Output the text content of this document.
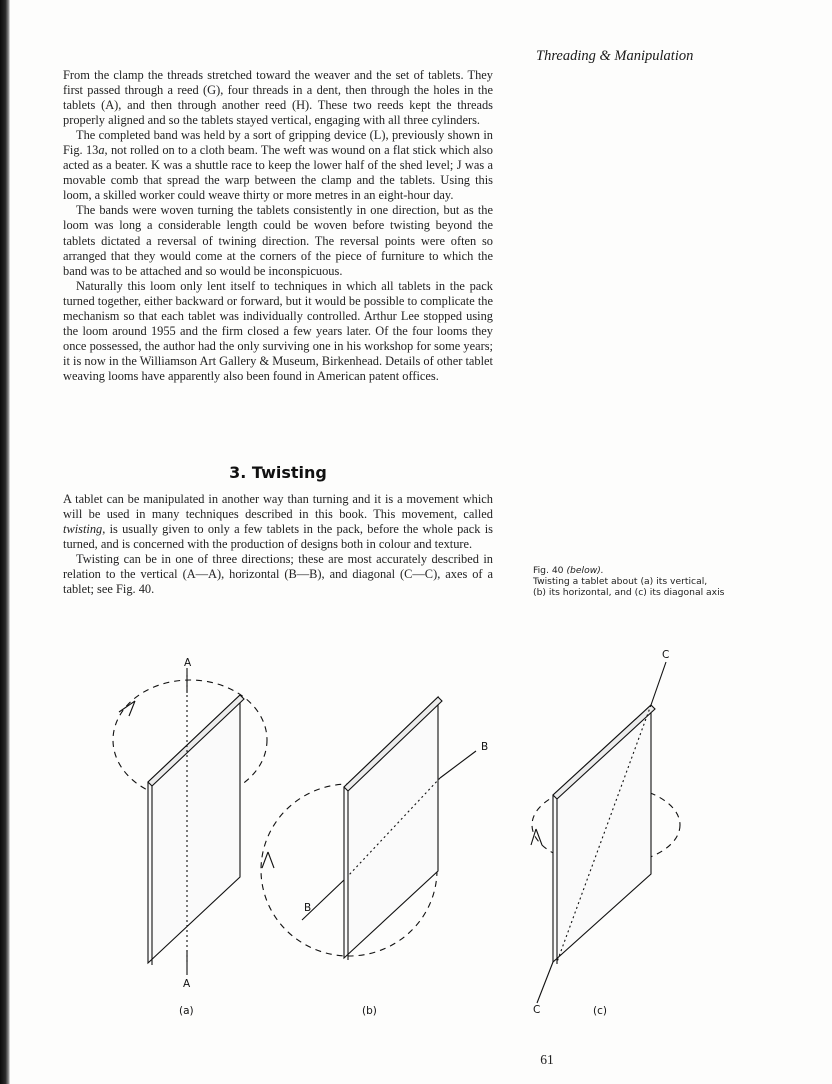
Threading & Manipulation

From the clamp the threads stretched toward the weaver and the set of tablets. They first passed through a reed (G), four threads in a dent, then through the holes in the tablets (A), and then through another reed (H). These two reeds kept the threads properly aligned and so the tablets stayed vertical, engaging with all three cylinders.

The completed band was held by a sort of gripping device (L), previously shown in Fig. 13a, not rolled on to a cloth beam. The weft was wound on a flat stick which also acted as a beater. K was a shuttle race to keep the lower half of the shed level; J was a movable comb that spread the warp between the clamp and the tablets. Using this loom, a skilled worker could weave thirty or more metres in an eight-hour day.

The bands were woven turning the tablets consistently in one direction, but as the loom was long a considerable length could be woven before twisting beyond the tablets dictated a reversal of twining direction. The reversal points were often so arranged that they would come at the corners of the piece of furniture to which the band was to be attached and so would be inconspicuous.

Naturally this loom only lent itself to techniques in which all tablets in the pack turned together, either backward or forward, but it would be possible to complicate the mechanism so that each tablet was individually controlled. Arthur Lee stopped using the loom around 1955 and the firm closed a few years later. Of the four looms they once possessed, the author had the only surviving one in his workshop for some years; it is now in the Williamson Art Gallery & Museum, Birkenhead. Details of other tablet weaving looms have apparently also been found in American patent offices.

3. Twisting

A tablet can be manipulated in another way than turning and it is a movement which will be used in many techniques described in this book. This movement, called twisting, is usually given to only a few tablets in the pack, before the whole pack is turned, and is concerned with the production of designs both in colour and texture.

Twisting can be in one of three directions; these are most accurately described in relation to the vertical (A—A), horizontal (B—B), and diagonal (C—C), axes of a tablet; see Fig. 40.

Fig. 40 (below).
Twisting a tablet about (a) its vertical,
(b) its horizontal, and (c) its diagonal axis
A
A
B
B
C
C
(a)	(b)	(c)
61
